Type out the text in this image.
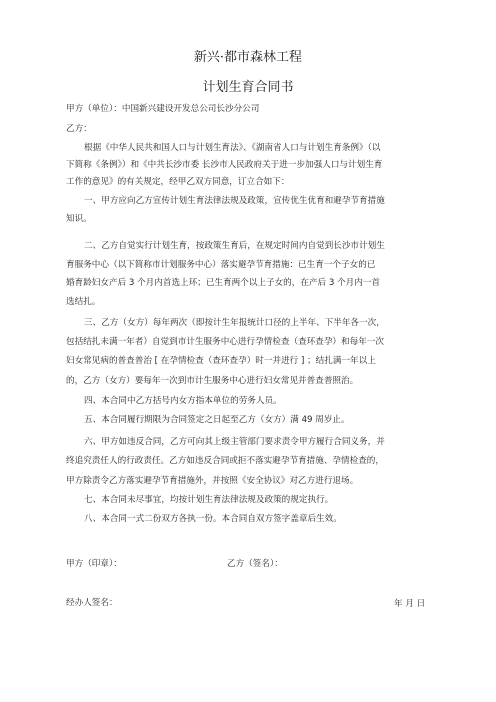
新兴·都市森林工程
计划生育合同书
甲方（单位）：中国新兴建设开发总公司长沙分公司
乙方：
根据《中华人民共和国人口与计划生育法》、《湖南省人口与计划生育条例》（以
下简称《条例》）和《中共长沙市委 长沙市人民政府关于进一步加强人口与计划生育
工作的意见》的有关规定，经甲乙双方同意，订立合如下：
一、甲方应向乙方宣传计划生育法律法规及政策，宣传优生优育和避孕节育措施
知识。
二、乙方自觉实行计划生育，按政策生育后，在规定时间内自觉到长沙市计划生
育服务中心（以下简称市计划服务中心）落实避孕节育措施：已生育一个子女的已
婚育龄妇女产后 3 个月内首选上环；已生育两个以上子女的，在产后 3 个月内一首
选结扎。
三、乙方（女方）每年两次（即按计生年报统计口径的上半年、下半年各一次，
包括结扎未满一年者）自觉到市计生服务中心进行孕情检查（查环查孕）和每年一次
妇女常见病的普查普治 [ 在孕情检查（查环查孕）时一并进行 ] ；结扎满一年以上
的，乙方（女方）要每年一次到市计生服务中心进行妇女常见并普查普照治。
四、本合同中乙方括号内女方指本单位的劳务人员。
五、本合同履行期限为合同签定之日起至乙方（女方）满 49 周岁止。
六、甲方如违反合同，乙方可向其上级主管部门要求责令甲方履行合同义务，并
终追究责任人的行政责任。乙方如违反合同或拒不落实避孕节育措施、孕情检查的，
甲方除责令乙方落实避孕节育措施外，并按照《安全协议》对乙方进行退场。
七、本合同未尽事宜，均按计划生育法律法规及政策的规定执行。
八、本合同一式二份双方各执一份。本合同自双方签字盖章后生效。
甲方（印章）：	乙方（签名）：
经办人签名：	年 月 日
